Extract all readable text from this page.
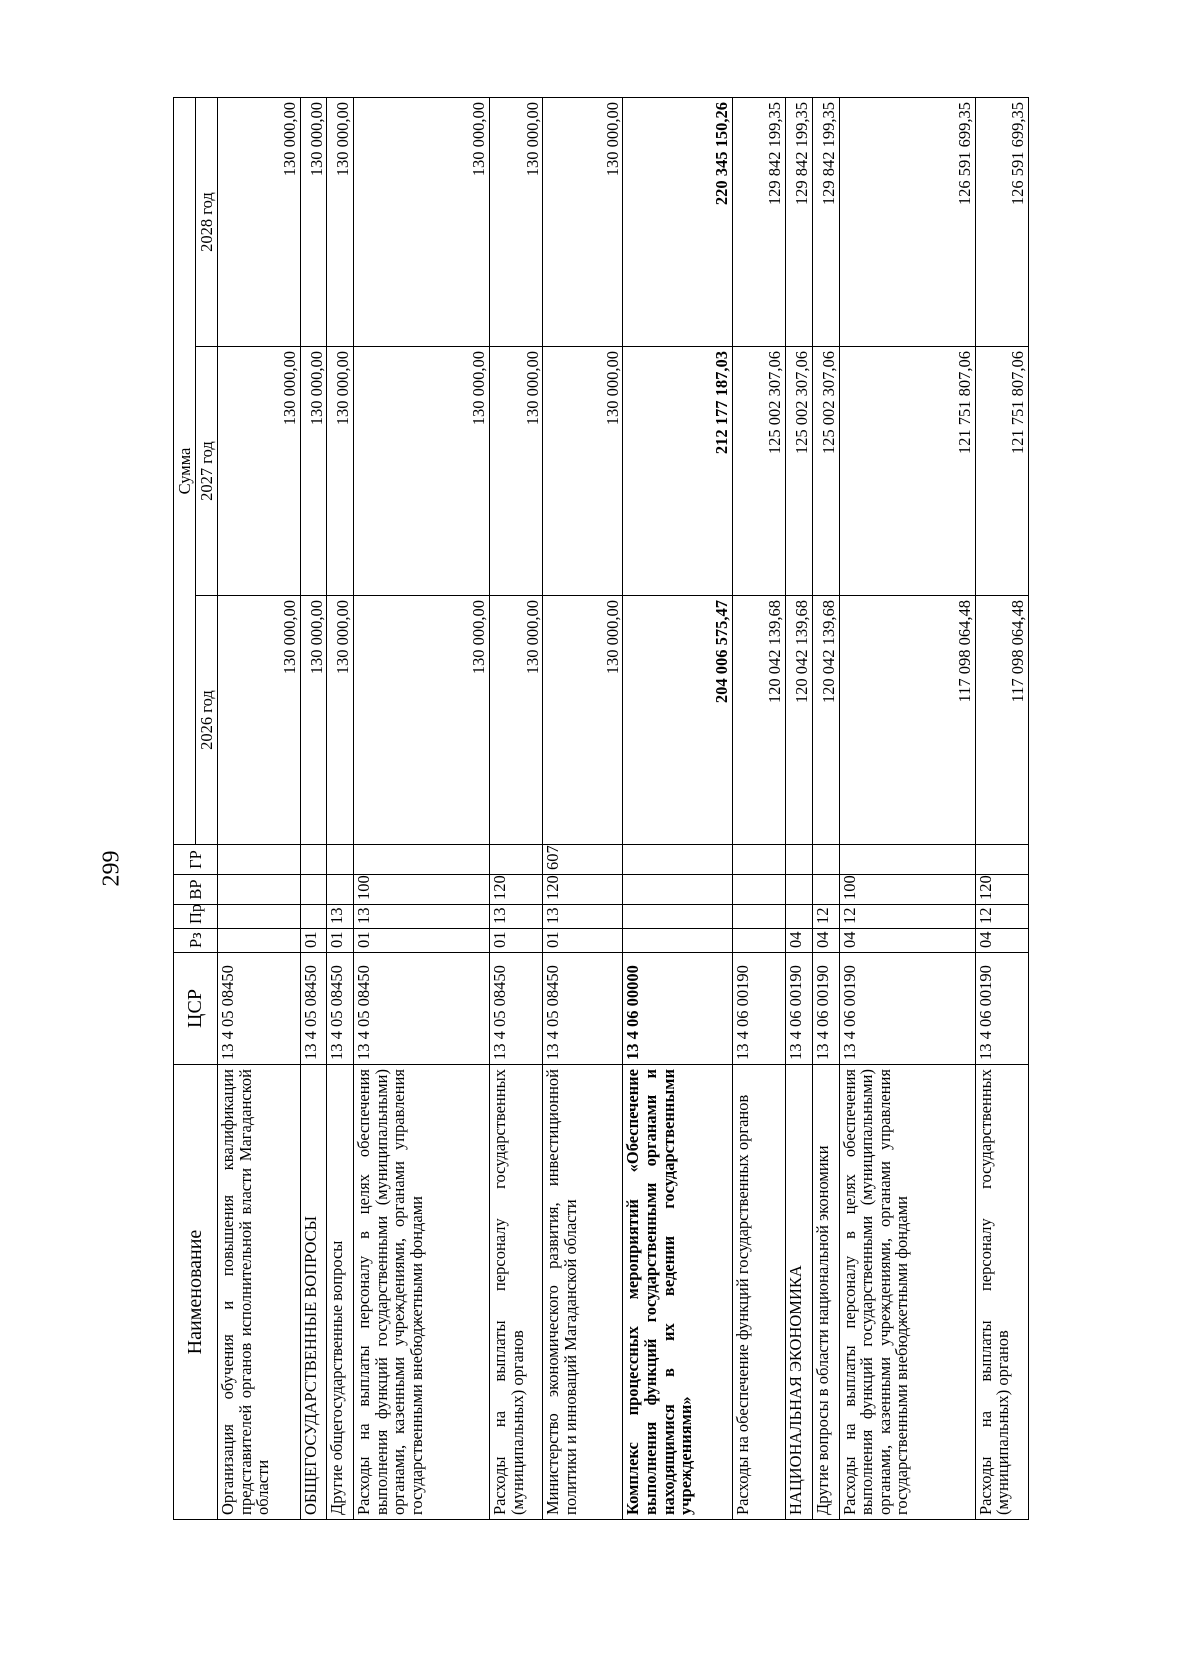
299
Наименование	ЦСР	Рз	Пр	ВР	ГР	Сумма		
						2026 год	2027 год	2028 год
Организация обучения и повышения квалификации представителей органов исполнительной власти Магаданской области	13 4 05 08450					130 000,00	130 000,00	130 000,00
ОБЩЕГОСУДАРСТВЕННЫЕ ВОПРОСЫ	13 4 05 08450	01				130 000,00	130 000,00	130 000,00
Другие общегосударственные вопросы	13 4 05 08450	01	13			130 000,00	130 000,00	130 000,00
Расходы на выплаты персоналу в целях обеспечения выполнения функций государственными (муниципальными) органами, казенными учреждениями, органами управления государственными внебюджетными фондами	13 4 05 08450	01	13	100		130 000,00	130 000,00	130 000,00
Расходы на выплаты персоналу государственных (муниципальных) органов	13 4 05 08450	01	13	120		130 000,00	130 000,00	130 000,00
Министерство экономического развития, инвестиционной политики и инноваций Магаданской области	13 4 05 08450	01	13	120	607	130 000,00	130 000,00	130 000,00
Комплекс процессных мероприятий «Обеспечение выполнения функций государственными органами и находящимися в их ведении государственными учреждениями»	13 4 06 00000					204 006 575,47	212 177 187,03	220 345 150,26
Расходы на обеспечение функций государственных органов	13 4 06 00190					120 042 139,68	125 002 307,06	129 842 199,35
НАЦИОНАЛЬНАЯ ЭКОНОМИКА	13 4 06 00190	04				120 042 139,68	125 002 307,06	129 842 199,35
Другие вопросы в области национальной экономики	13 4 06 00190	04	12			120 042 139,68	125 002 307,06	129 842 199,35
Расходы на выплаты персоналу в целях обеспечения выполнения функций государственными (муниципальными) органами, казенными учреждениями, органами управления государственными внебюджетными фондами	13 4 06 00190	04	12	100		117 098 064,48	121 751 807,06	126 591 699,35
Расходы на выплаты персоналу государственных (муниципальных) органов	13 4 06 00190	04	12	120		117 098 064,48	121 751 807,06	126 591 699,35
